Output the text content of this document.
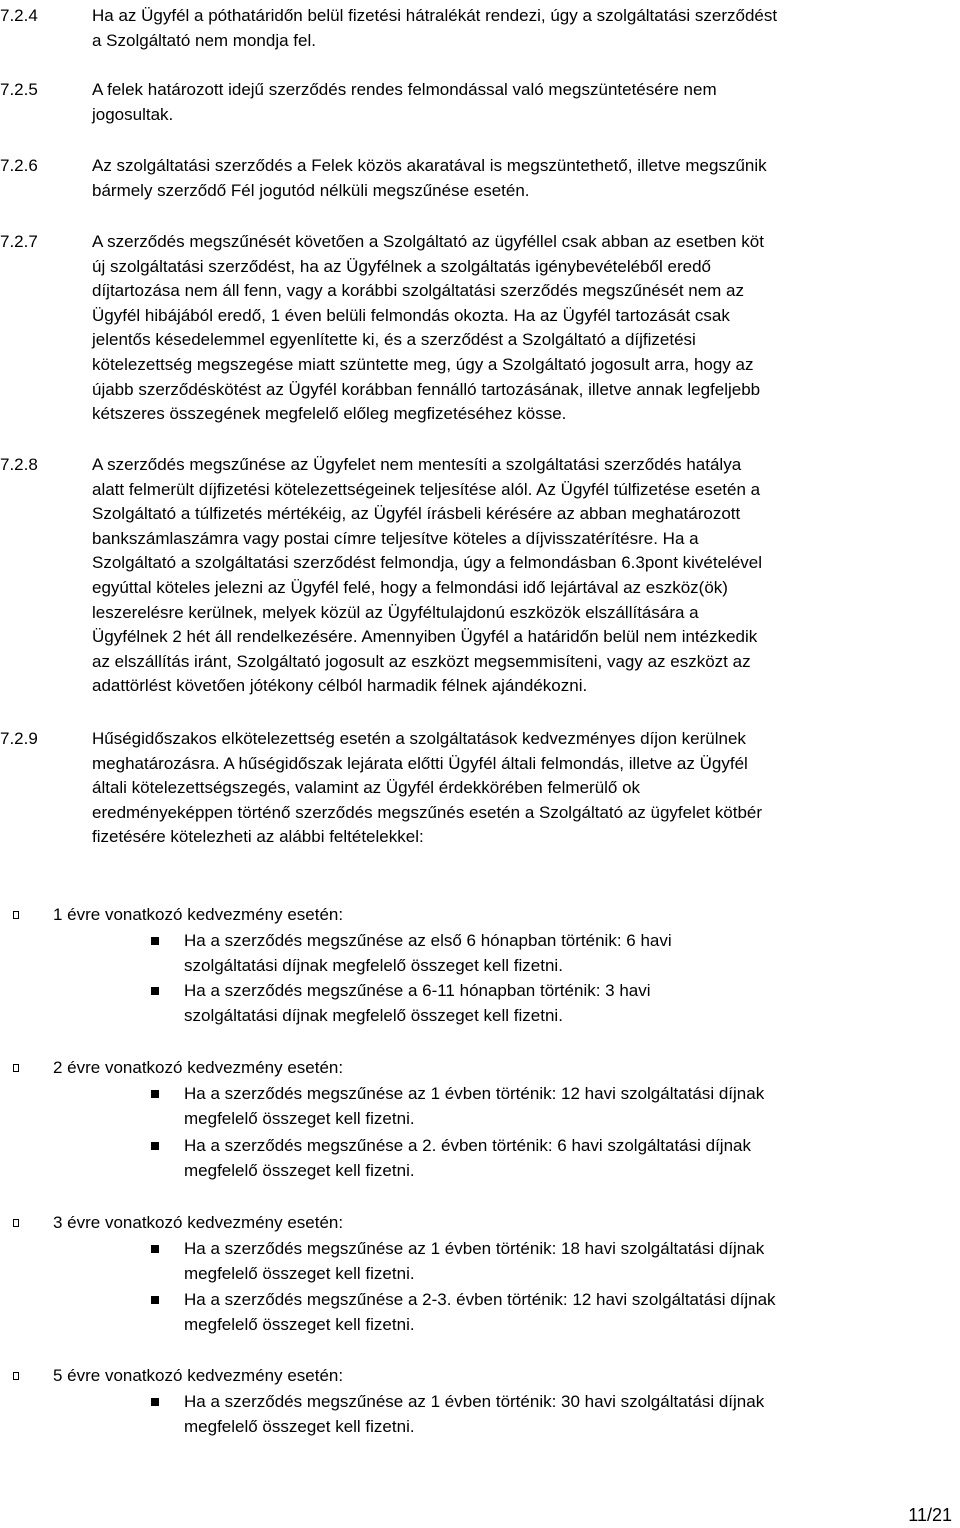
7.2.4	Ha az Ügyfél a póthatáridőn belül fizetési hátralékát rendezi, úgy a szolgáltatási szerződést
a Szolgáltató nem mondja fel.
7.2.5	A felek határozott idejű szerződés rendes felmondással való megszüntetésére nem
jogosultak.
7.2.6	Az szolgáltatási szerződés a Felek közös akaratával is megszüntethető, illetve megszűnik
bármely szerződő Fél jogutód nélküli megszűnése esetén.
7.2.7	A szerződés megszűnését követően a Szolgáltató az ügyféllel csak abban az esetben köt
új szolgáltatási szerződést, ha az Ügyfélnek a szolgáltatás igénybevételéből eredő
díjtartozása nem áll fenn, vagy a korábbi szolgáltatási szerződés megszűnését nem az
Ügyfél hibájából eredő, 1 éven belüli felmondás okozta. Ha az Ügyfél tartozását csak
jelentős késedelemmel egyenlítette ki, és a szerződést a Szolgáltató a díjfizetési
kötelezettség megszegése miatt szüntette meg, úgy a Szolgáltató jogosult arra, hogy az
újabb szerződéskötést az Ügyfél korábban fennálló tartozásának, illetve annak legfeljebb
kétszeres összegének megfelelő előleg megfizetéséhez kösse.
7.2.8	A szerződés megszűnése az Ügyfelet nem mentesíti a szolgáltatási szerződés hatálya
alatt felmerült díjfizetési kötelezettségeinek teljesítése alól. Az Ügyfél túlfizetése esetén a
Szolgáltató a túlfizetés mértékéig, az Ügyfél írásbeli kérésére az abban meghatározott
bankszámlaszámra vagy postai címre teljesítve köteles a díjvisszatérítésre. Ha a
Szolgáltató a szolgáltatási szerződést felmondja, úgy a felmondásban 6.3pont kivételével
egyúttal köteles jelezni az Ügyfél felé, hogy a felmondási idő lejártával az eszköz(ök)
leszerelésre kerülnek, melyek közül az Ügyféltulajdonú eszközök elszállítására a
Ügyfélnek 2 hét áll rendelkezésére. Amennyiben Ügyfél a határidőn belül nem intézkedik
az elszállítás iránt, Szolgáltató jogosult az eszközt megsemmisíteni, vagy az eszközt az
adattörlést követően jótékony célból harmadik félnek ajándékozni.
7.2.9	Hűségidőszakos elkötelezettség esetén a szolgáltatások kedvezményes díjon kerülnek
meghatározásra. A hűségidőszak lejárata előtti Ügyfél általi felmondás, illetve az Ügyfél
általi kötelezettségszegés, valamint az Ügyfél érdekkörében felmerülő ok
eredményeképpen történő szerződés megszűnés esetén a Szolgáltató az ügyfelet kötbér
fizetésére kötelezheti az alábbi feltételekkel:
1 évre vonatkozó kedvezmény esetén:
Ha a szerződés megszűnése az első 6 hónapban történik: 6 havi
szolgáltatási díjnak megfelelő összeget kell fizetni.
Ha a szerződés megszűnése a 6-11 hónapban történik: 3 havi
szolgáltatási díjnak megfelelő összeget kell fizetni.
2 évre vonatkozó kedvezmény esetén:
Ha a szerződés megszűnése az 1 évben történik: 12 havi szolgáltatási díjnak
megfelelő összeget kell fizetni.
Ha a szerződés megszűnése a 2. évben történik: 6 havi szolgáltatási díjnak
megfelelő összeget kell fizetni.
3 évre vonatkozó kedvezmény esetén:
Ha a szerződés megszűnése az 1 évben történik: 18 havi szolgáltatási díjnak
megfelelő összeget kell fizetni.
Ha a szerződés megszűnése a 2-3. évben történik: 12 havi szolgáltatási díjnak
megfelelő összeget kell fizetni.
5 évre vonatkozó kedvezmény esetén:
Ha a szerződés megszűnése az 1 évben történik: 30 havi szolgáltatási díjnak
megfelelő összeget kell fizetni.
11/21
